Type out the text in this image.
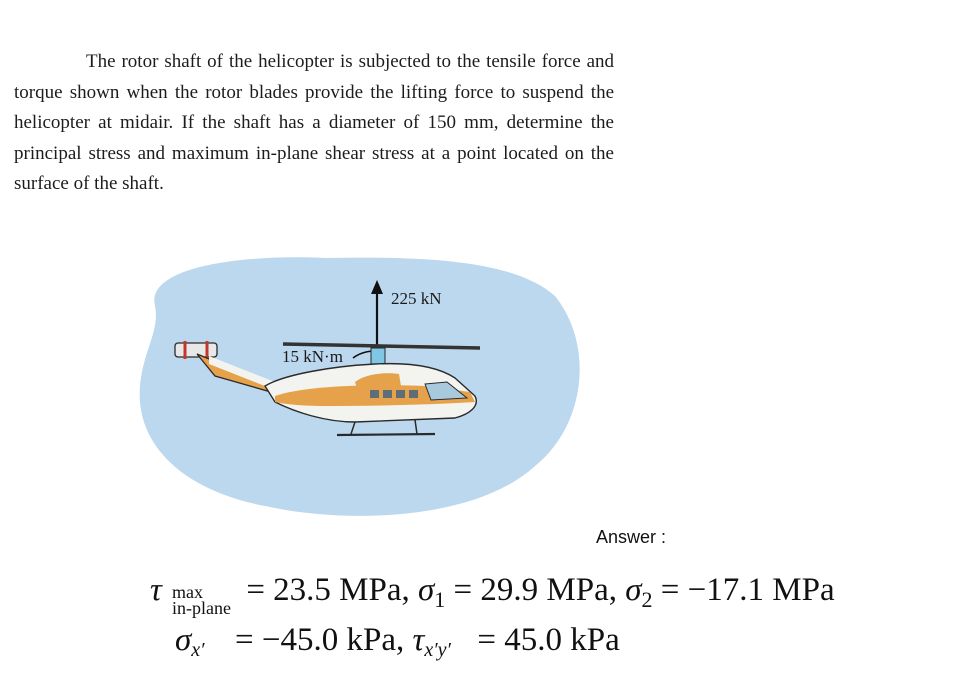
The rotor shaft of the helicopter is subjected to the tensile force and torque shown when the rotor blades provide the lifting force to suspend the helicopter at midair. If the shaft has a diameter of 150 mm, determine the principal stress and maximum in-plane shear stress at a point located on the surface of the shaft.

225 kN
15 kN·m
Answer :
τ max
in-plane = 23.5 MPa, $\sigma_1 = 29.9$ MPa, $\sigma_2 = -17.1$ MPa
σx′ = −45.0 kPa, τx′y′ = 45.0 kPa
